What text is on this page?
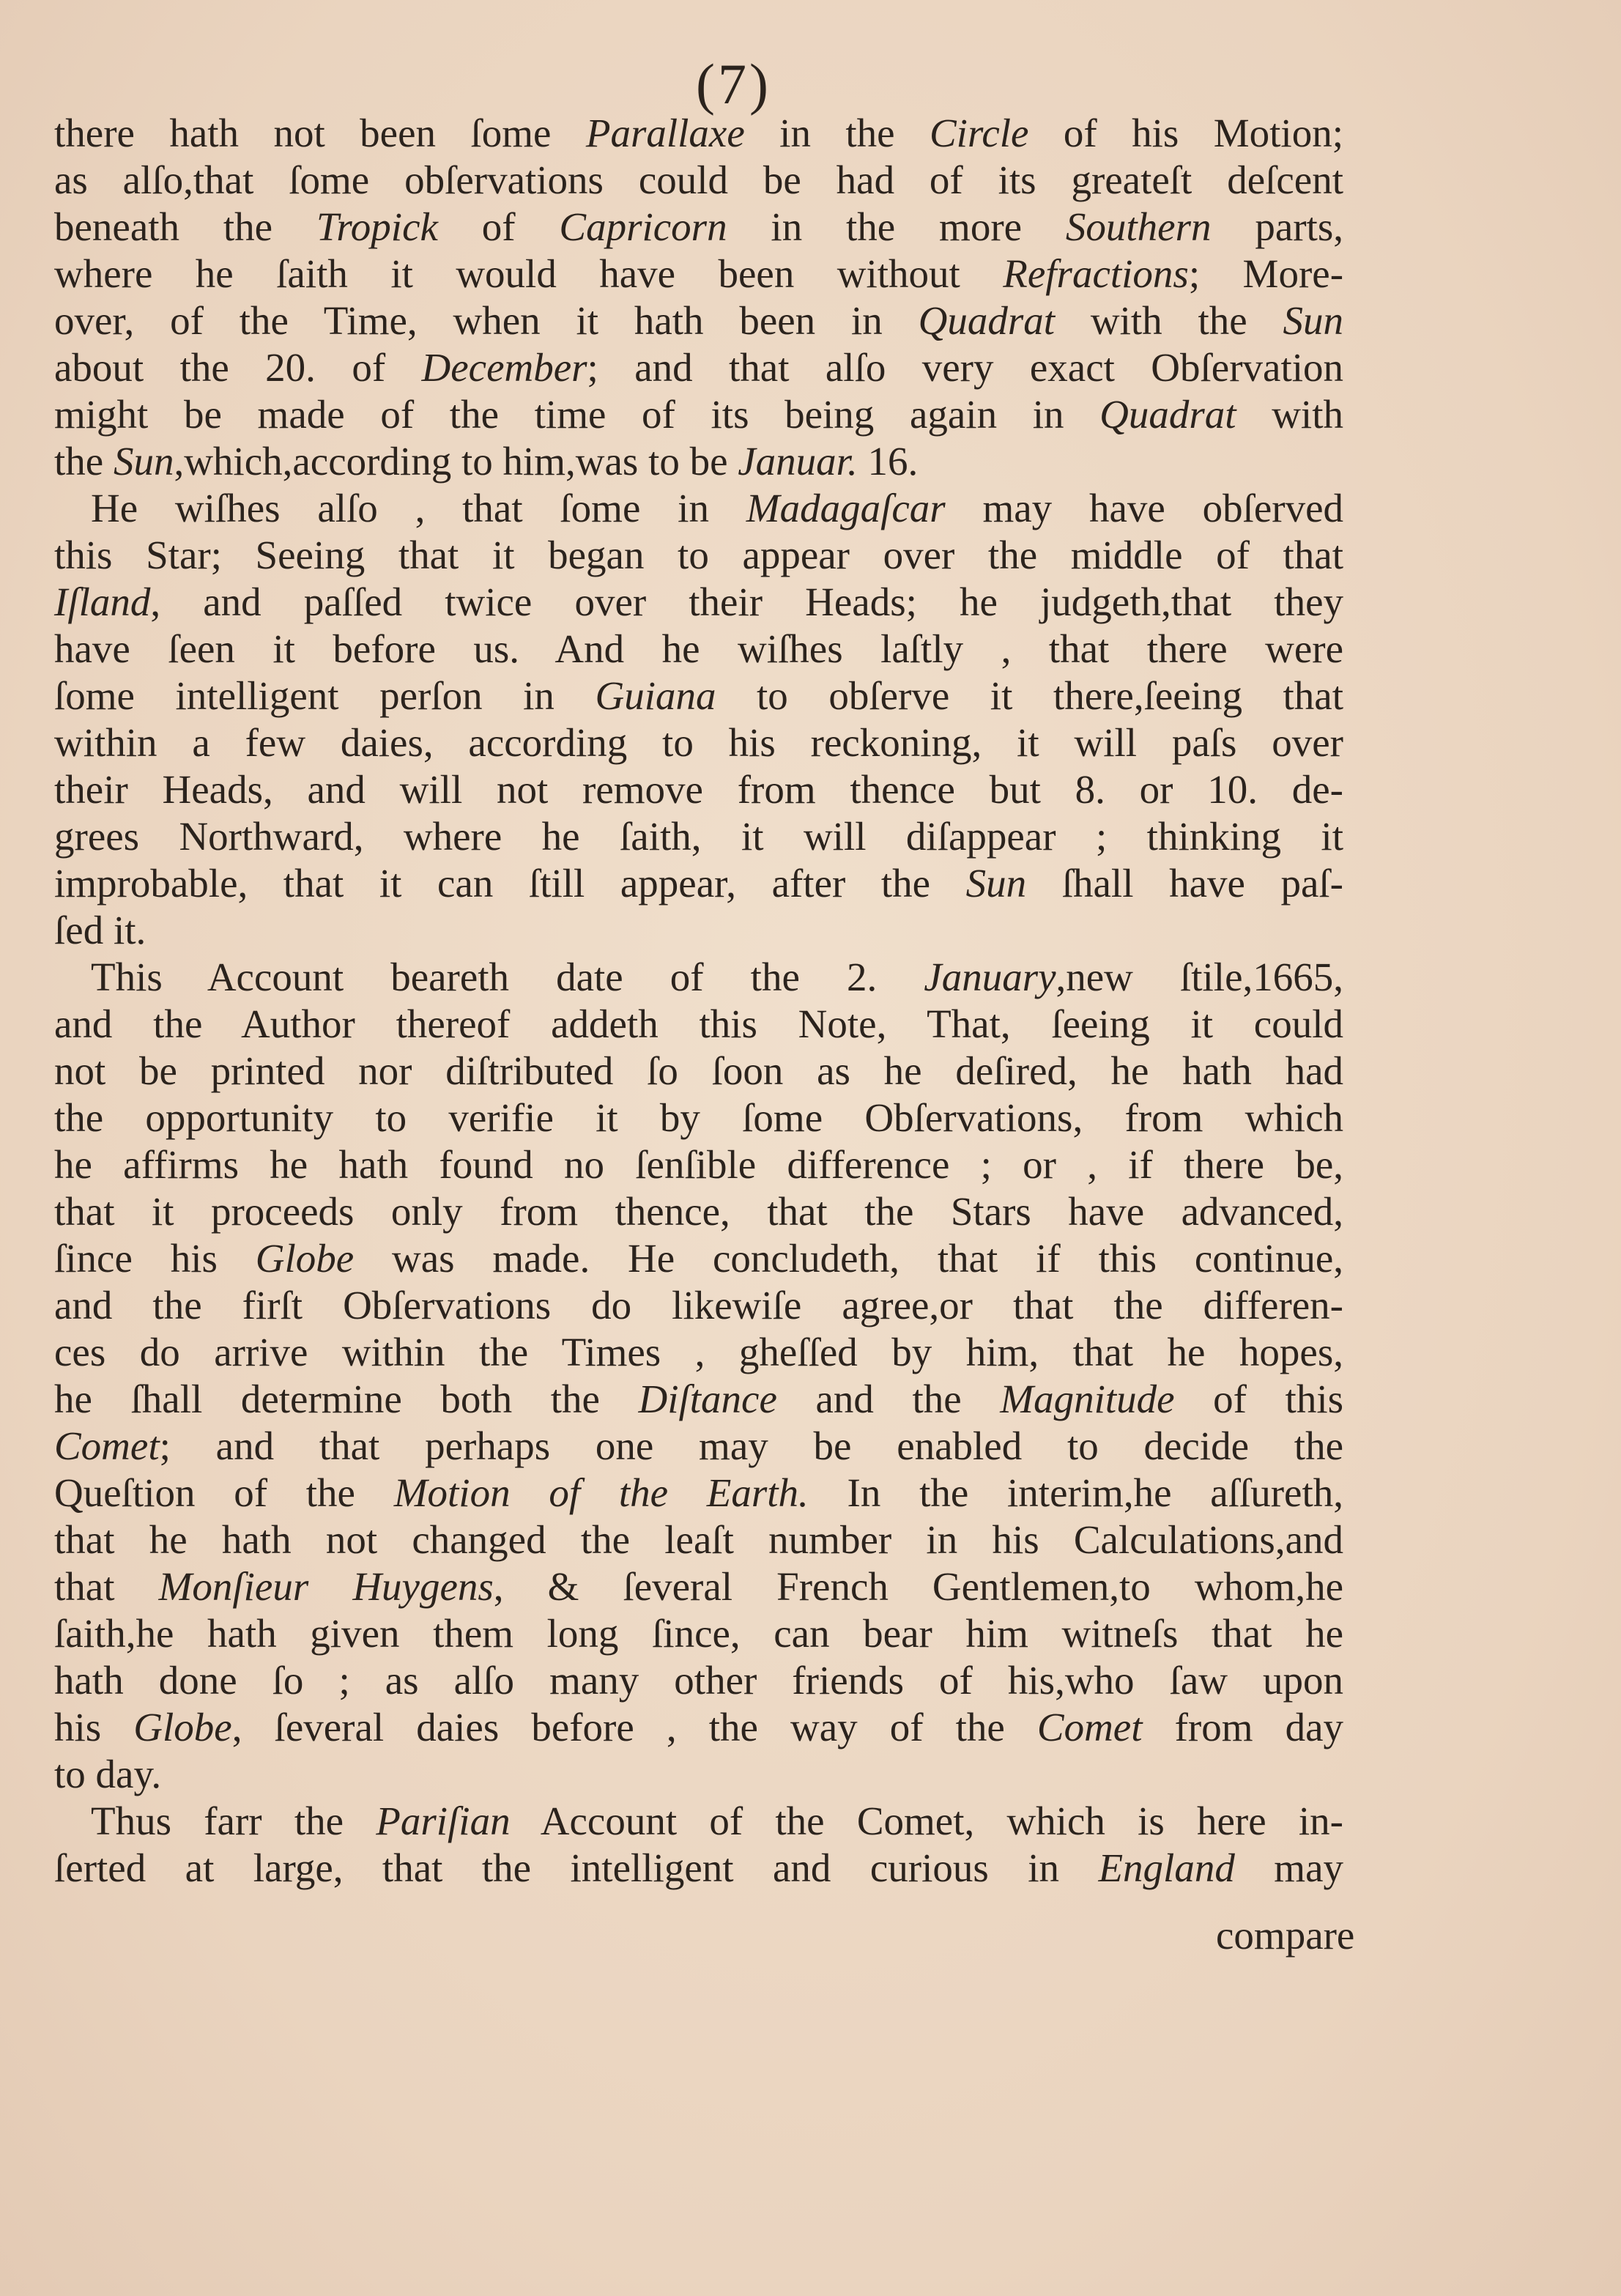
(7)
there hath not been ſome Parallaxe in the Circle of his Motion;
as alſo,that ſome obſervations could be had of its greateſt deſcent
beneath the Tropick of Capricorn in the more Southern parts,
where he ſaith it would have been without Refractions; More-
over, of the Time, when it hath been in Quadrat with the Sun
about the 20. of December; and that alſo very exact Obſervation
might be made of the time of its being again in Quadrat with
the Sun,which,according to him,was to be Januar. 16.
He wiſhes alſo , that ſome in Madagaſcar may have obſerved
this Star; Seeing that it began to appear over the middle of that
Iſland, and paſſed twice over their Heads; he judgeth,that they
have ſeen it before us. And he wiſhes laſtly , that there were
ſome intelligent perſon in Guiana to obſerve it there,ſeeing that
within a few daies, according to his reckoning, it will paſs over
their Heads, and will not remove from thence but 8. or 10. de-
grees Northward, where he ſaith, it will diſappear ; thinking it
improbable, that it can ſtill appear, after the Sun ſhall have paſ-
ſed it.
This Account beareth date of the 2. January,new ſtile,1665,
and the Author thereof addeth this Note, That, ſeeing it could
not be printed nor diſtributed ſo ſoon as he deſired, he hath had
the opportunity to verifie it by ſome Obſervations, from which
he affirms he hath found no ſenſible difference ; or , if there be,
that it proceeds only from thence, that the Stars have advanced,
ſince his Globe was made. He concludeth, that if this continue,
and the firſt Obſervations do likewiſe agree,or that the differen-
ces do arrive within the Times , gheſſed by him, that he hopes,
he ſhall determine both the Diſtance and the Magnitude of this
Comet; and that perhaps one may be enabled to decide the
Queſtion of the Motion of the Earth. In the interim,he aſſureth,
that he hath not changed the leaſt number in his Calculations,and
that Monſieur Huygens, & ſeveral French Gentlemen,to whom,he
ſaith,he hath given them long ſince, can bear him witneſs that he
hath done ſo ; as alſo many other friends of his,who ſaw upon
his Globe, ſeveral daies before , the way of the Comet from day
to day.
Thus farr the Pariſian Account of the Comet, which is here in-
ſerted at large, that the intelligent and curious in England may
compare
